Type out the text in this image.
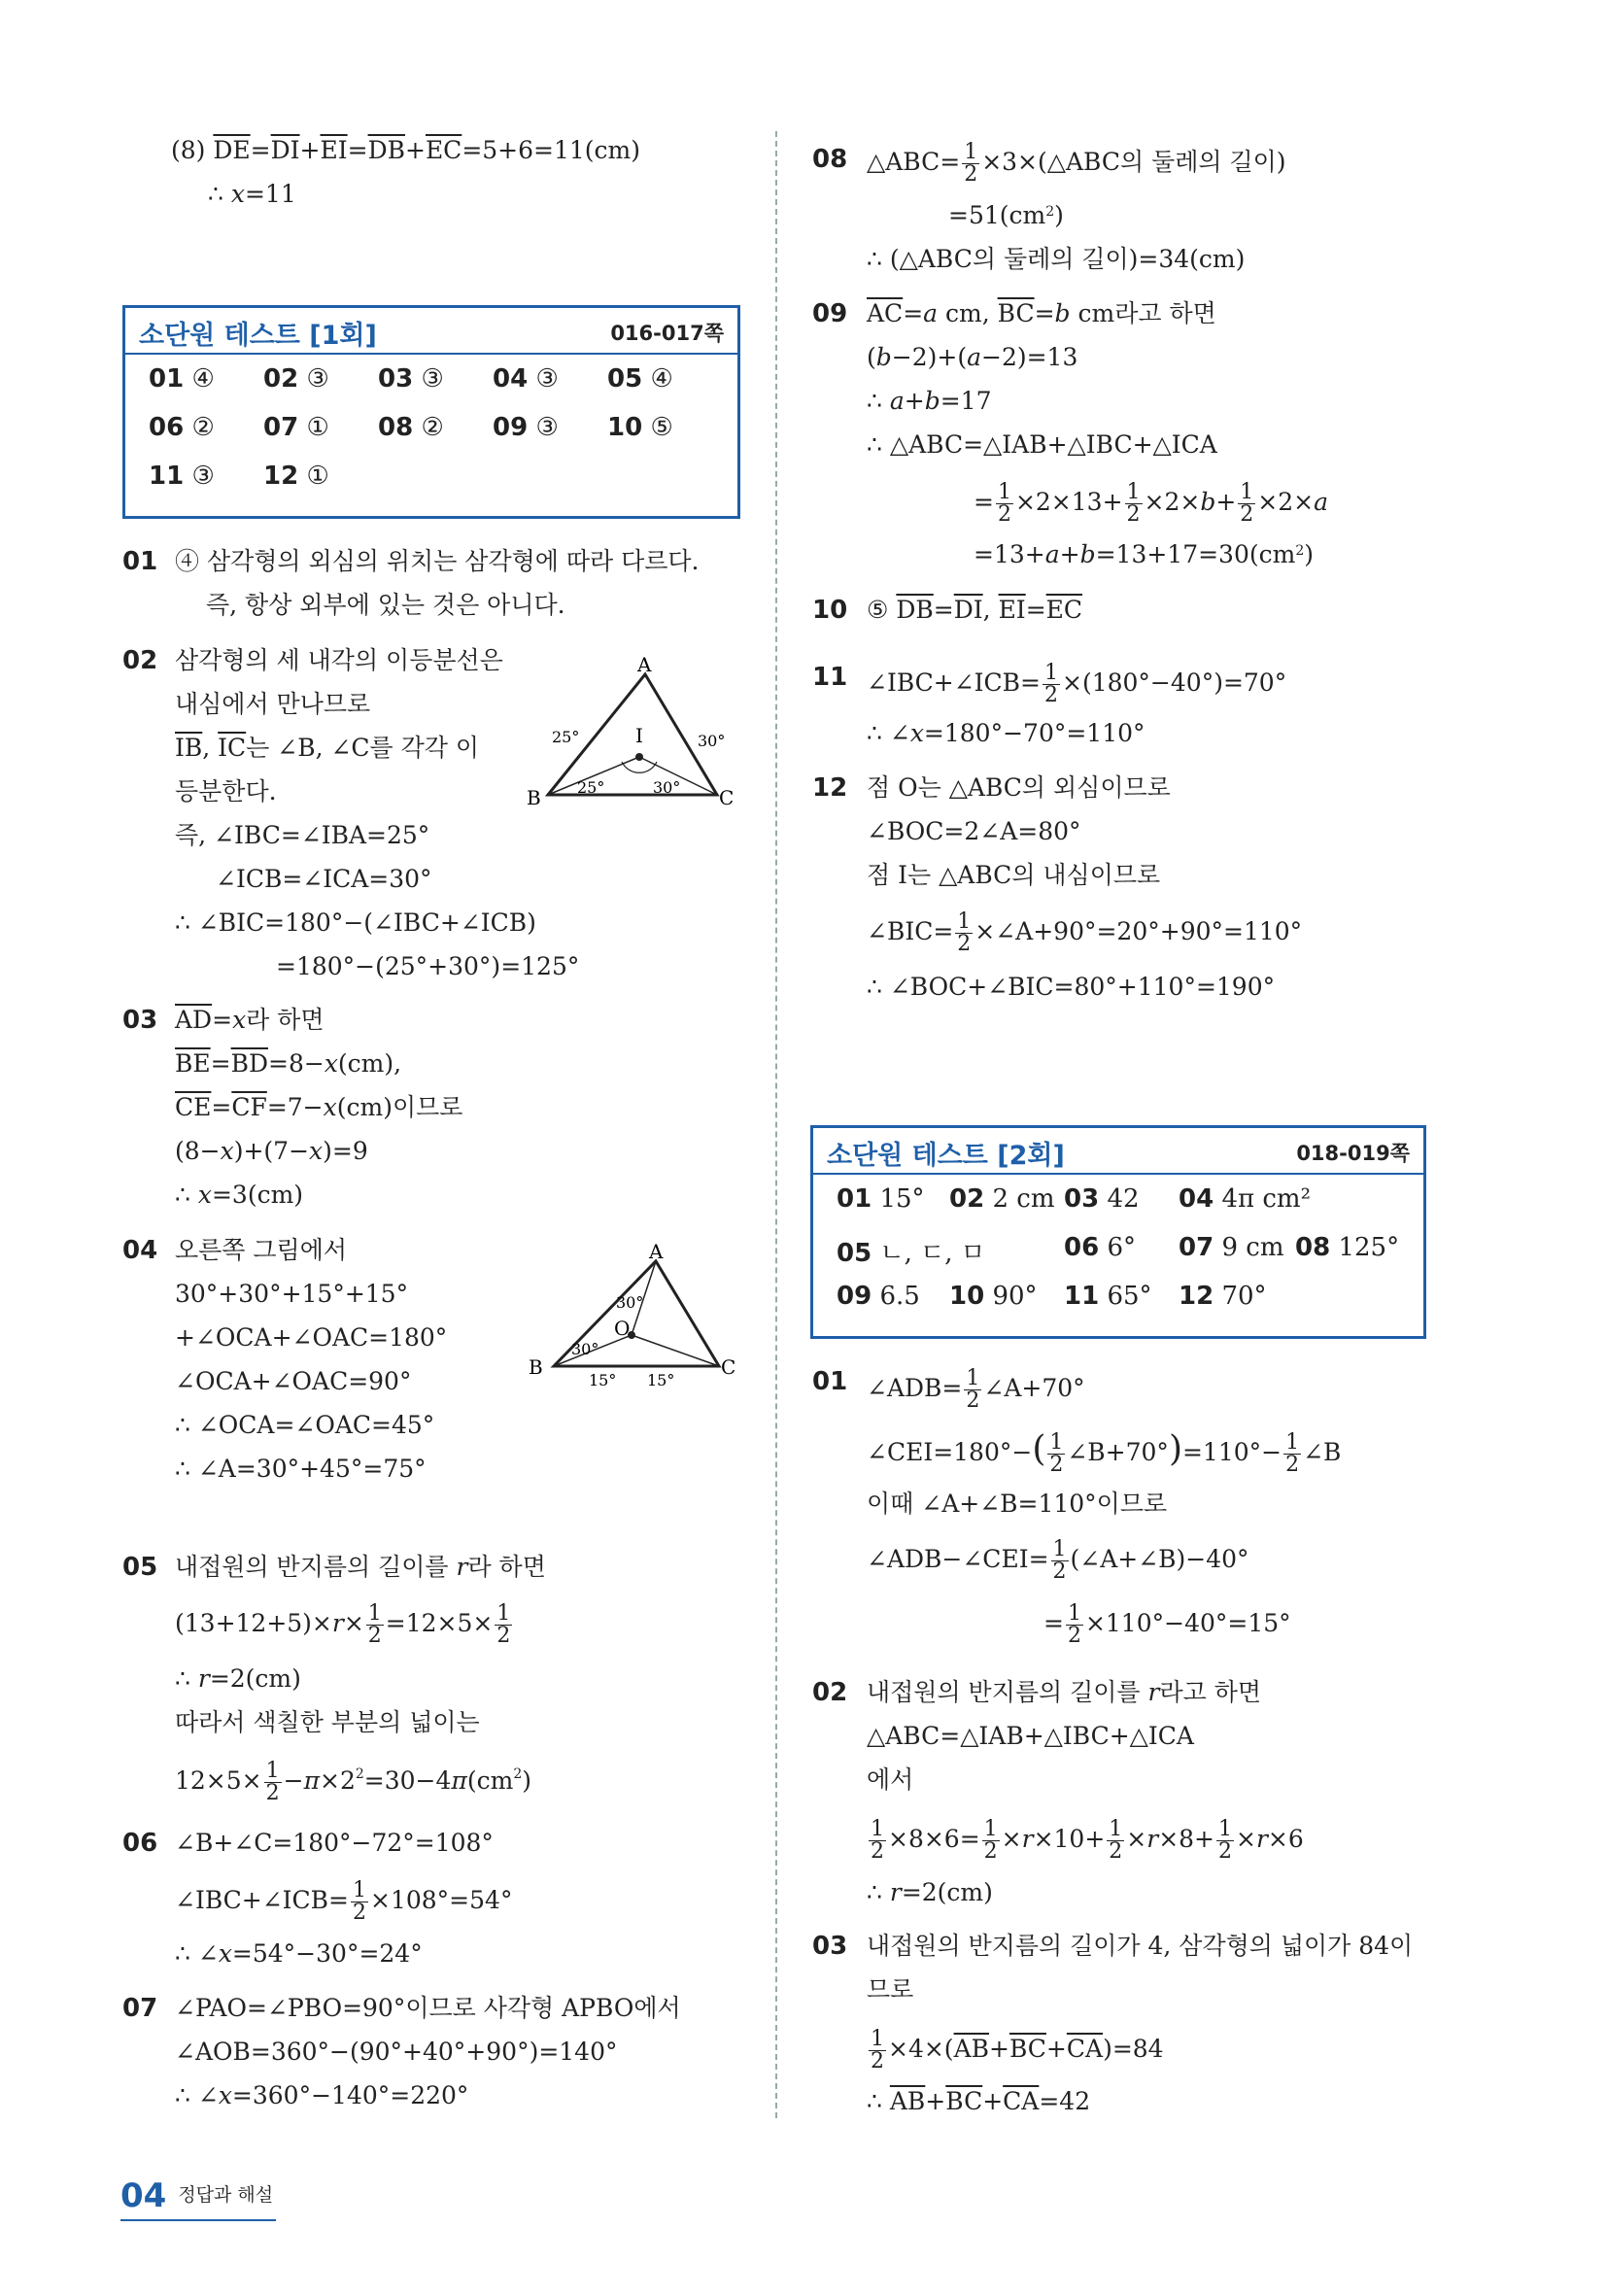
(8) $\overline{DE}=\overline{DI}+\overline{EI}=\overline{DB}+\overline{EC}=5+6=11(cm)$
∴ x=11
소단원 테스트 [1회]	016-017쪽
01 ④ 02 ③ 03 ③ 04 ③ 05 ④
06 ② 07 ① 08 ② 09 ③ 10 ⑤
11 ③ 12 ①
01 ④ 삼각형의 외심의 위치는 삼각형에 따라 다르다.
즉, 항상 외부에 있는 것은 아니다.
02 삼각형의 세 내각의 이등분선은
내심에서 만나므로
$\overline{IB}$, $\overline{IC}$는 ∠B, ∠C를 각각 이
등분한다.
즉, ∠IBC=∠IBA=25°
∠ICB=∠ICA=30°
∴ ∠BIC=180°−(∠IBC+∠ICB)
=180°−(25°+30°)=125°
A
B	C
I
25°	30°
25°	30°
03 $\overline{AD}=x$라 하면
$\overline{BE}=\overline{BD}=8-x(cm)$,
$\overline{CE}=\overline{CF}=7-x(cm)$이므로
(8−x)+(7−x)=9
∴ x=3(cm)
04 오른쪽 그림에서
30°+30°+15°+15°
+∠OCA+∠OAC=180°
∠OCA+∠OAC=90°
∴ ∠OCA=∠OAC=45°
∴ ∠A=30°+45°=75°
A
B	C
O
30°
30°
15° 15°
05 내접원의 반지름의 길이를 r라 하면
$(13+12+5)\times r\times \frac{1}{2} =12\times 5\times \frac{1}{2}$
∴ r=2(cm)
따라서 색칠한 부분의 넓이는
$12\times 5\times \frac{1}{2} -\pi\times 2^2=30-4\pi(cm^2)$
06 ∠B+∠C=180°−72°=108°
∠IBC+∠ICB= $\frac{1}{2} \times 108^\circ=54^\circ$
∴ ∠x=54°−30°=24°
07 ∠PAO=∠PBO=90°이므로 사각형 APBO에서
∠AOB=360°−(90°+40°+90°)=140°
∴ ∠x=360°−140°=220°
08 △ABC= $\frac{1}{2}$ ×3×(△ABC의 둘레의 길이)
$=51(cm^2)$
∴ (△ABC의 둘레의 길이)=34(cm)
09 $\overline{AC}=a$ cm, $\overline{BC}=b$ cm라고 하면
(b−2)+(a−2)=13
∴ a+b=17
∴ △ABC=△IAB+△IBC+△ICA
= $\frac{1}{2} \times 2\times 13+ \frac{1}{2} \times 2\times b+ \frac{1}{2} \times 2\times a$
$=13+a+b=13+17=30(cm^2)$
10 ⑤ $\overline{DB}=\overline{DI}$, $\overline{EI}=\overline{EC}$
11 ∠IBC+∠ICB= $\frac{1}{2} \times(180^\circ-40^\circ)=70^\circ$
∴ ∠x=180°−70°=110°
12 점 O는 △ABC의 외심이므로
∠BOC=2∠A=80°
점 I는 △ABC의 내심이므로
∠BIC= $\frac{1}{2}$ ×∠A+90°=20°+90°=110°
∴ ∠BOC+∠BIC=80°+110°=190°
소단원 테스트 [2회]	018-019쪽
01 15° 02 2 cm 03 42 04 4π cm²
05 ㄴ, ㄷ, ㅁ	06 6° 07 9 cm 08 125°
09 6.5 10 90° 11 65° 12 70°
01 ∠ADB= $\frac{1}{2}$ ∠A+70°
∠CEI=180°−( $\frac{1}{2}$ ∠B+70°)=110°− $\frac{1}{2}$ ∠B
이때 ∠A+∠B=110°이므로
∠ADB−∠CEI= $\frac{1}{2}$ (∠A+∠B)−40°
= $\frac{1}{2} \times 110^\circ-40^\circ=15^\circ$
02 내접원의 반지름의 길이를 r라고 하면
△ABC=△IAB+△IBC+△ICA
에서
$\frac{1}{2} \times 8\times 6= \frac{1}{2} \times r\times 10+ \frac{1}{2} \times r\times 8+ \frac{1}{2} \times r\times 6$
∴ r=2(cm)
03 내접원의 반지름의 길이가 4, 삼각형의 넓이가 84이
므로
$\frac{1}{2} \times 4\times(\overline{AB}+\overline{BC}+\overline{CA})=84$
∴ $\overline{AB}+\overline{BC}+\overline{CA}=42$
04 $^{정답과 해설}$
